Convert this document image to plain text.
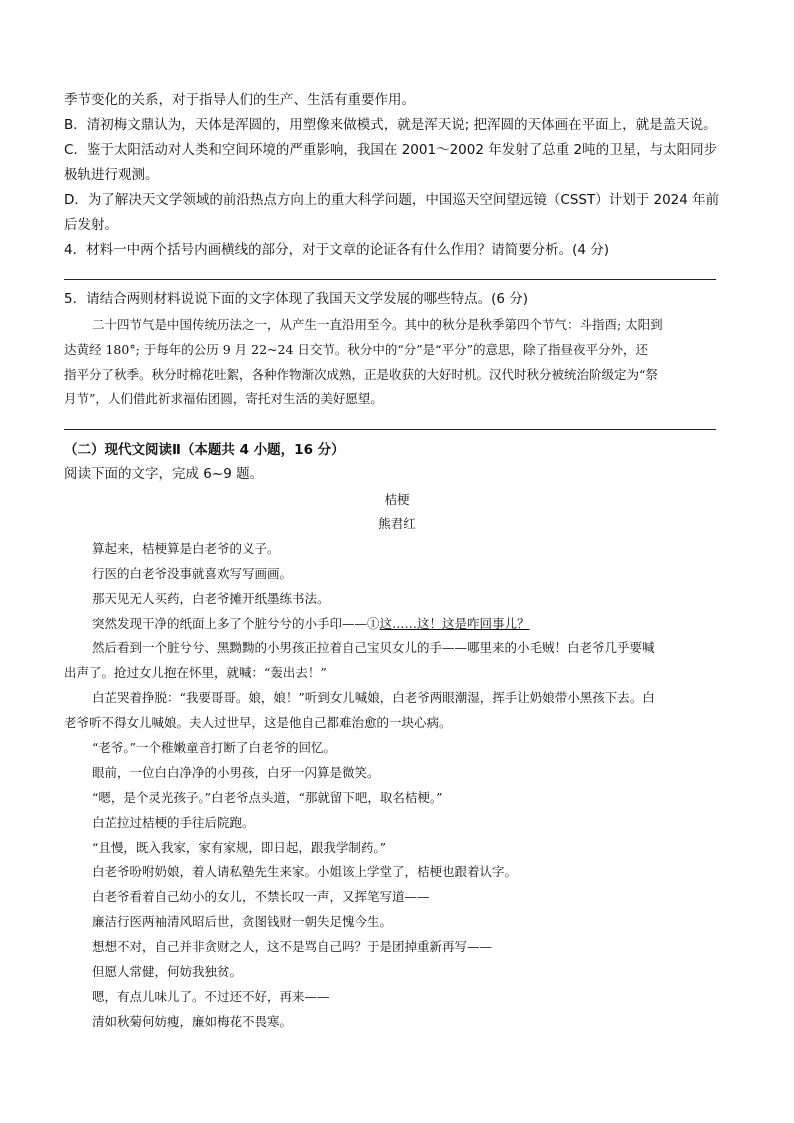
季节变化的关系，对于指导人们的生产、生活有重要作用。
B．清初梅文鼎认为，天体是浑圆的，用塑像来做模式，就是浑天说; 把浑圆的天体画在平面上，就是盖天说。
C．鉴于太阳活动对人类和空间环境的严重影响，我国在 2001～2002 年发射了总重 2吨的卫星，与太阳同步
极轨进行观测。
D．为了解决天文学领域的前沿热点方向上的重大科学问题，中国巡天空间望远镜（CSST）计划于 2024 年前
后发射。
4．材料一中两个括号内画横线的部分，对于文章的论证各有什么作用？请简要分析。(4 分)
5．请结合两则材料说说下面的文字体现了我国天文学发展的哪些特点。(6 分)
二十四节气是中国传统历法之一，从产生一直沿用至今。其中的秋分是秋季第四个节气：斗指酉; 太阳到
达黄经 180°; 于每年的公历 9 月 22~24 日交节。秋分中的“分”是“平分”的意思，除了指昼夜平分外，还
指平分了秋季。秋分时棉花吐絮，各种作物渐次成熟，正是收获的大好时机。汉代时秋分被统治阶级定为“祭
月节”，人们借此祈求福佑团圆，寄托对生活的美好愿望。
（二）现代文阅读Ⅱ（本题共 4 小题，16 分）
阅读下面的文字，完成 6~9 题。
桔梗
熊君红
算起来，桔梗算是白老爷的义子。
行医的白老爷没事就喜欢写写画画。
那天见无人买药，白老爷摊开纸墨练书法。
突然发现干净的纸面上多了个脏兮兮的小手印——①这……这！这是咋回事儿？
然后看到一个脏兮兮、黑黝黝的小男孩正拉着自己宝贝女儿的手——哪里来的小毛贼！白老爷几乎要喊
出声了。抢过女儿抱在怀里，就喊：“轰出去！”
白芷哭着挣脱：“我要哥哥。娘，娘！”听到女儿喊娘，白老爷两眼潮湿，挥手让奶娘带小黑孩下去。白
老爷听不得女儿喊娘。夫人过世早，这是他自己都难治愈的一块心病。
“老爷。”一个稚嫩童音打断了白老爷的回忆。
眼前，一位白白净净的小男孩，白牙一闪算是微笑。
“嗯，是个灵光孩子。”白老爷点头道，“那就留下吧，取名桔梗。”
白芷拉过桔梗的手往后院跑。
“且慢，既入我家，家有家规，即日起，跟我学制药。”
白老爷吩咐奶娘，着人请私塾先生来家。小姐该上学堂了，桔梗也跟着认字。
白老爷看着自己幼小的女儿，不禁长叹一声，又挥笔写道——
廉洁行医两袖清风昭后世，贪图钱财一朝失足愧今生。
想想不对，自己并非贪财之人，这不是骂自己吗？于是团掉重新再写——
但愿人常健，何妨我独贫。
嗯，有点儿味儿了。不过还不好，再来——
清如秋菊何妨瘦，廉如梅花不畏寒。
